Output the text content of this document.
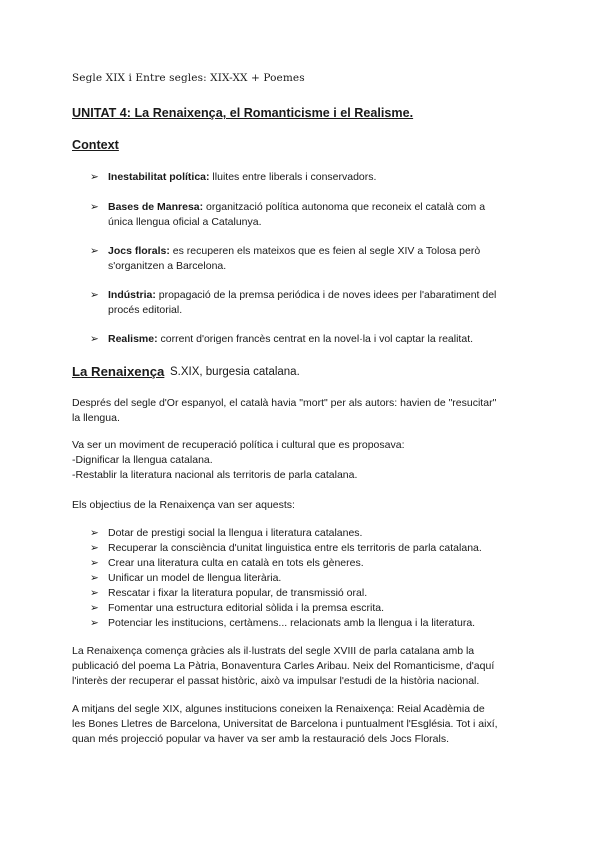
Segle XIX i Entre segles: XIX-XX + Poemes
UNITAT 4: La Renaixença, el Romanticisme i el Realisme.
Context
➢ Inestabilitat política: lluites entre liberals i conservadors.
➢ Bases de Manresa: organització política autonoma que reconeix el català com a
única llengua oficial a Catalunya.
➢ Jocs florals: es recuperen els mateixos que es feien al segle XIV a Tolosa però
s'organitzen a Barcelona.
➢ Indústria: propagació de la premsa periódica i de noves idees per l'abaratiment del
procés editorial.
➢ Realisme: corrent d'origen francès centrat en la novel·la i vol captar la realitat.
La Renaixença S.XIX, burgesia catalana.
Després del segle d'Or espanyol, el català havia "mort" per als autors: havien de "resucitar"
la llengua.
Va ser un moviment de recuperació política i cultural que es proposava:
-Dignificar la llengua catalana.
-Restablir la literatura nacional als territoris de parla catalana.
Els objectius de la Renaixença van ser aquests:
➢ Dotar de prestigi social la llengua i literatura catalanes.
➢ Recuperar la consciència d'unitat linguistica entre els territoris de parla catalana.
➢ Crear una literatura culta en català en tots els gèneres.
➢ Unificar un model de llengua literària.
➢ Rescatar i fixar la literatura popular, de transmissió oral.
➢ Fomentar una estructura editorial sòlida i la premsa escrita.
➢ Potenciar les institucions, certàmens... relacionats amb la llengua i la literatura.
La Renaixença comença gràcies als il·lustrats del segle XVIII de parla catalana amb la
publicació del poema La Pàtria, Bonaventura Carles Aribau. Neix del Romanticisme, d'aquí
l'interès der recuperar el passat històric, això va impulsar l'estudi de la història nacional.
A mitjans del segle XIX, algunes institucions coneixen la Renaixença: Reial Acadèmia de
les Bones Lletres de Barcelona, Universitat de Barcelona i puntualment l'Església. Tot i així,
quan més projecció popular va haver va ser amb la restauració dels Jocs Florals.
